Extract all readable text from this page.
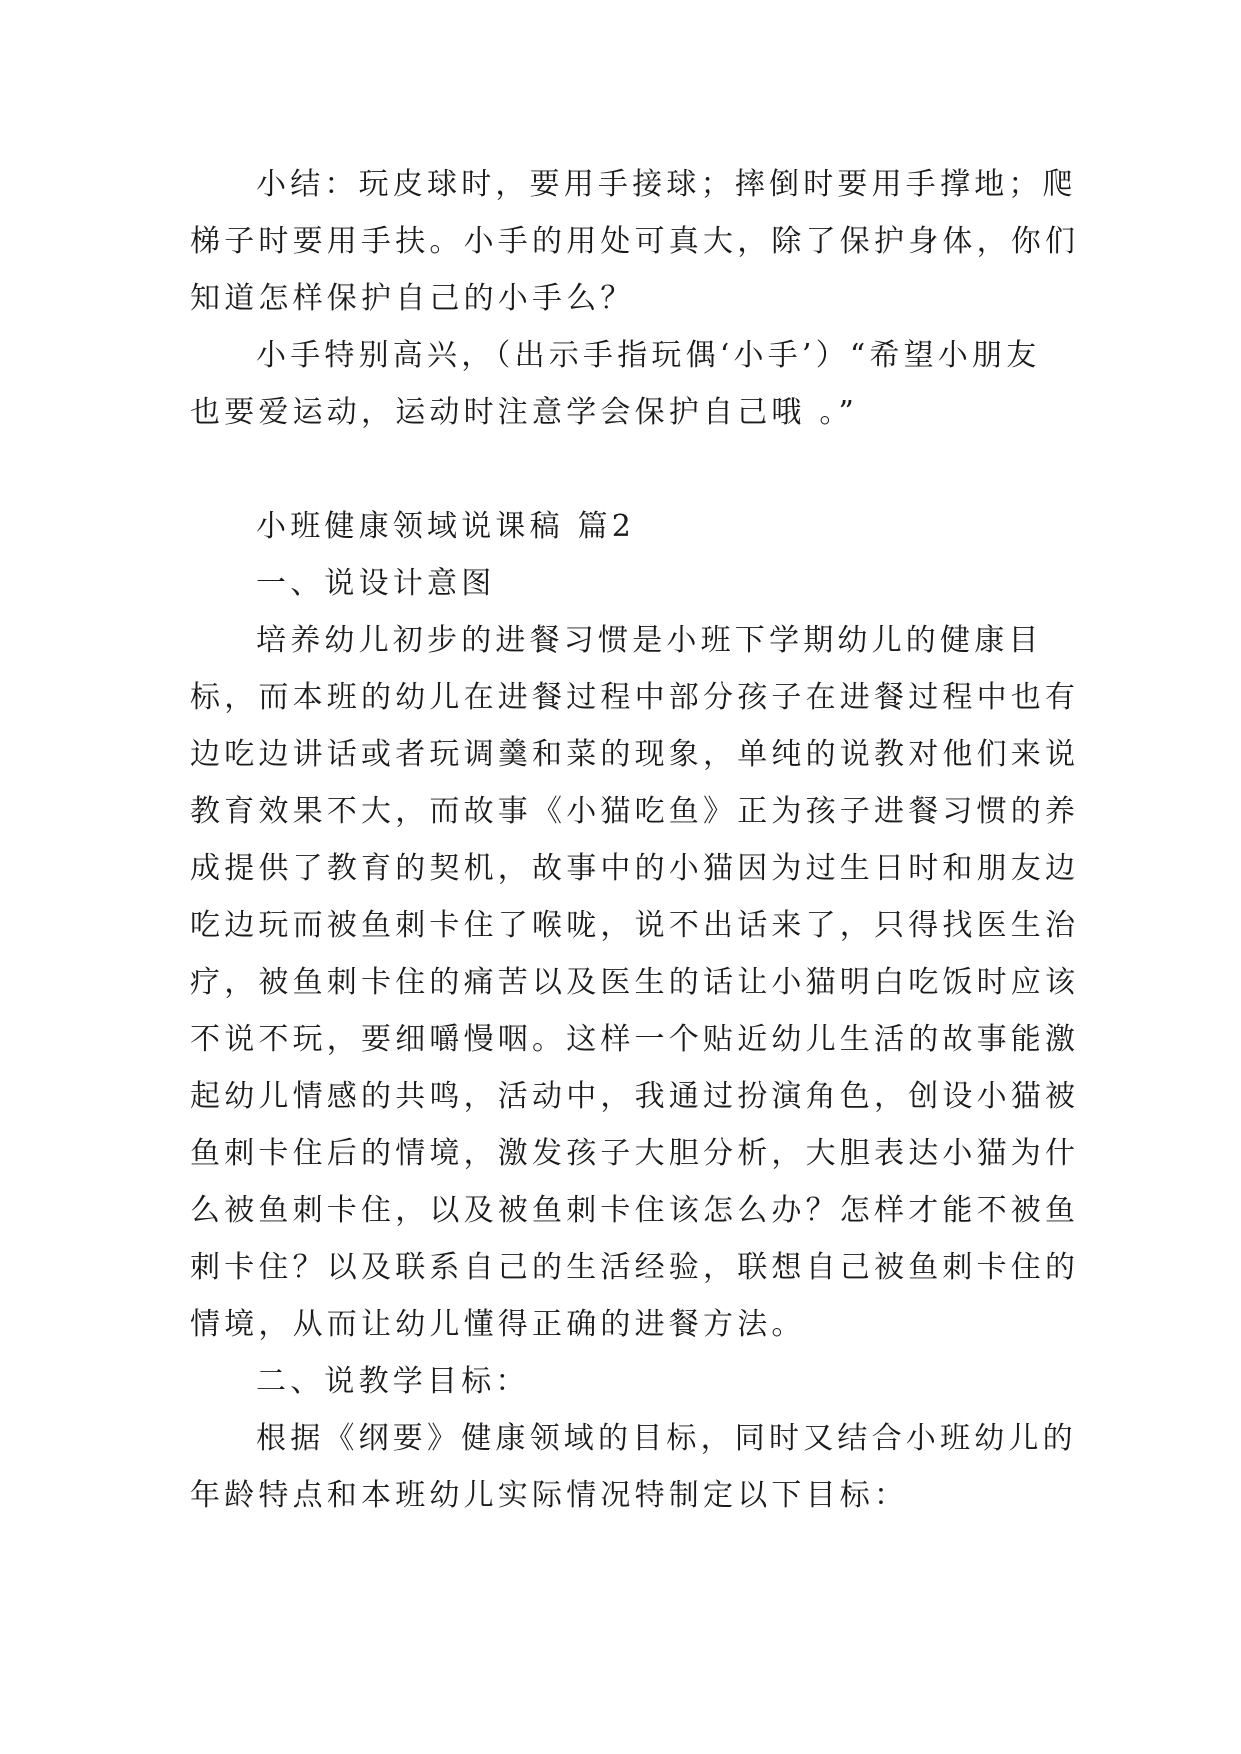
小结：玩皮球时，要用手接球；摔倒时要用手撑地；爬
梯子时要用手扶。小手的用处可真大，除了保护身体，你们
知道怎样保护自己的小手么？
小手特别高兴，（出示手指玩偶‘小手’）“希望小朋友
也要爱运动，运动时注意学会保护自己哦 。”
小班健康领域说课稿 篇2
一、说设计意图
培养幼儿初步的进餐习惯是小班下学期幼儿的健康目
标，而本班的幼儿在进餐过程中部分孩子在进餐过程中也有
边吃边讲话或者玩调羹和菜的现象，单纯的说教对他们来说
教育效果不大，而故事《小猫吃鱼》正为孩子进餐习惯的养
成提供了教育的契机，故事中的小猫因为过生日时和朋友边
吃边玩而被鱼刺卡住了喉咙，说不出话来了，只得找医生治
疗，被鱼刺卡住的痛苦以及医生的话让小猫明白吃饭时应该
不说不玩，要细嚼慢咽。这样一个贴近幼儿生活的故事能激
起幼儿情感的共鸣，活动中，我通过扮演角色，创设小猫被
鱼刺卡住后的情境，激发孩子大胆分析，大胆表达小猫为什
么被鱼刺卡住，以及被鱼刺卡住该怎么办？怎样才能不被鱼
刺卡住？以及联系自己的生活经验，联想自己被鱼刺卡住的
情境，从而让幼儿懂得正确的进餐方法。
二、说教学目标：
根据《纲要》健康领域的目标，同时又结合小班幼儿的
年龄特点和本班幼儿实际情况特制定以下目标：
